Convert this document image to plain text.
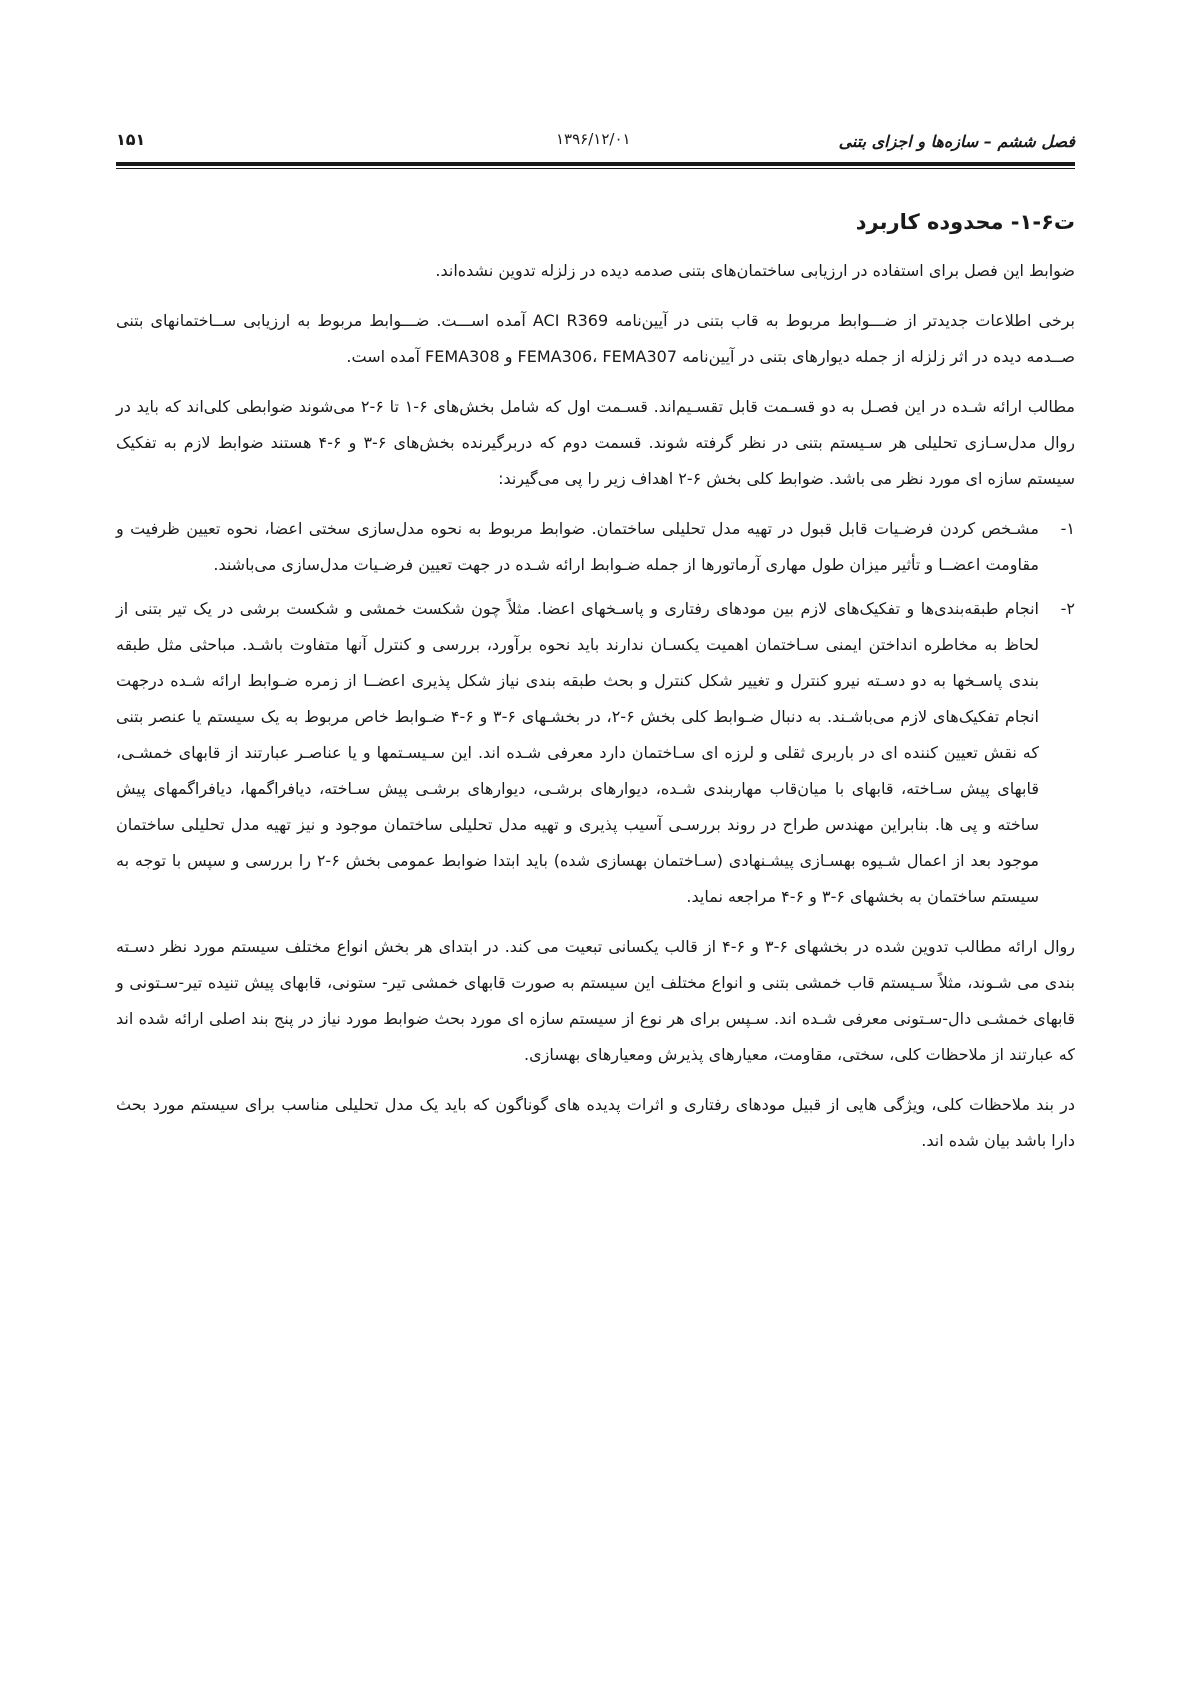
فصل ششم – سازه‌ها و اجزای بتنی
۱۳۹۶/۱۲/۰۱
۱۵۱
ت۶-۱- محدوده کاربرد

ضوابط این فصل برای استفاده در ارزیابی ساختمان‌های بتنی صدمه دیده در زلزله تدوین نشده‌اند.

برخی اطلاعات جدیدتر از ضـــوابط مربوط به قاب بتنی در آیین‌نامه ACI R369 آمده اســـت. ضـــوابط مربوط به ارزیابی ســاختمانهای بتنی صــدمه دیده در اثر زلزله از جمله دیوارهای بتنی در آیین‌نامه FEMA306، FEMA307 و FEMA308 آمده است.

مطالب ارائه شـده در این فصـل به دو قسـمت قابل تقسـیم‌اند. قسـمت اول که شامل بخش‌های ۶-۱ تا ۶-۲ می‌شوند ضوابطی کلی‌اند که باید در روال مدل‌سـازی تحلیلی هر سـیستم بتنی در نظر گرفته شوند. قسمت دوم که دربرگیرنده بخش‌های ۶-۳ و ۶-۴ هستند ضوابط لازم به تفکیک سیستم سازه ای مورد نظر می باشد. ضوابط کلی بخش ۶-۲ اهداف زیر را پی می‌گیرند:

۱-
مشـخص کردن فرضـیات قابل قبول در تهیه مدل تحلیلی ساختمان. ضوابط مربوط به نحوه مدل‌سازی سختی اعضا، نحوه تعیین ظرفیت و مقاومت اعضــا و تأثیر میزان طول مهاری آرماتورها از جمله ضـوابط ارائه شـده در جهت تعیین فرضـیات مدل‌سازی می‌باشند.
۲-
انجام طبقه‌بندی‌ها و تفکیک‌های لازم بین مودهای رفتاری و پاسـخهای اعضا. مثلاً چون شکست خمشی و شکست برشی در یک تیر بتنی از لحاظ به مخاطره انداختن ایمنی سـاختمان اهمیت یکسـان ندارند باید نحوه برآورد، بررسی و کنترل آنها متفاوت باشـد. مباحثی مثل طبقه بندی پاسـخها به دو دسـته نیرو کنترل و تغییر شکل کنترل و بحث طبقه بندی نیاز شکل پذیری اعضــا از زمره ضـوابط ارائه شـده درجهت انجام تفکیک‌های لازم می‌باشـند. به دنبال ضـوابط کلی بخش ۶-۲، در بخشـهای ۶-۳ و ۶-۴ ضـوابط خاص مربوط به یک سیستم یا عنصر بتنی که نقش تعیین کننده ای در باربری ثقلی و لرزه ای سـاختمان دارد معرفی شـده اند. این سـیسـتمها و یا عناصـر عبارتند از قابهای خمشـی، قابهای پیش سـاخته، قابهای با میان‌قاب مهاربندی شـده، دیوارهای برشـی، دیوارهای برشـی پیش سـاخته، دیافراگمها، دیافراگمهای پیش ساخته و پی ها. بنابراین مهندس طراح در روند بررسـی آسیب پذیری و تهیه مدل تحلیلی ساختمان موجود و نیز تهیه مدل تحلیلی ساختمان موجود بعد از اعمال شـیوه بهسـازی پیشـنهادی (سـاختمان بهسازی شده) باید ابتدا ضوابط عمومی بخش ۶-۲ را بررسی و سپس با توجه به سیستم ساختمان به بخشهای ۶-۳ و ۶-۴ مراجعه نماید.

روال ارائه مطالب تدوین شده در بخشهای ۶-۳ و ۶-۴ از قالب یکسانی تبعیت می کند. در ابتدای هر بخش انواع مختلف سیستم مورد نظر دسـته بندی می شـوند، مثلاً سـیستم قاب خمشی بتنی و انواع مختلف این سیستم به صورت قابهای خمشی تیر- ستونی، قابهای پیش تنیده تیر-سـتونی و قابهای خمشـی دال-سـتونی معرفی شـده اند. سـپس برای هر نوع از سیستم سازه ای مورد بحث ضوابط مورد نیاز در پنج بند اصلی ارائه شده اند که عبارتند از ملاحظات کلی، سختی، مقاومت، معیارهای پذیرش ومعیارهای بهسازی.

در بند ملاحظات کلی، ویژگی هایی از قبیل مودهای رفتاری و اثرات پدیده های گوناگون که باید یک مدل تحلیلی مناسب برای سیستم مورد بحث دارا باشد بیان شده اند.
